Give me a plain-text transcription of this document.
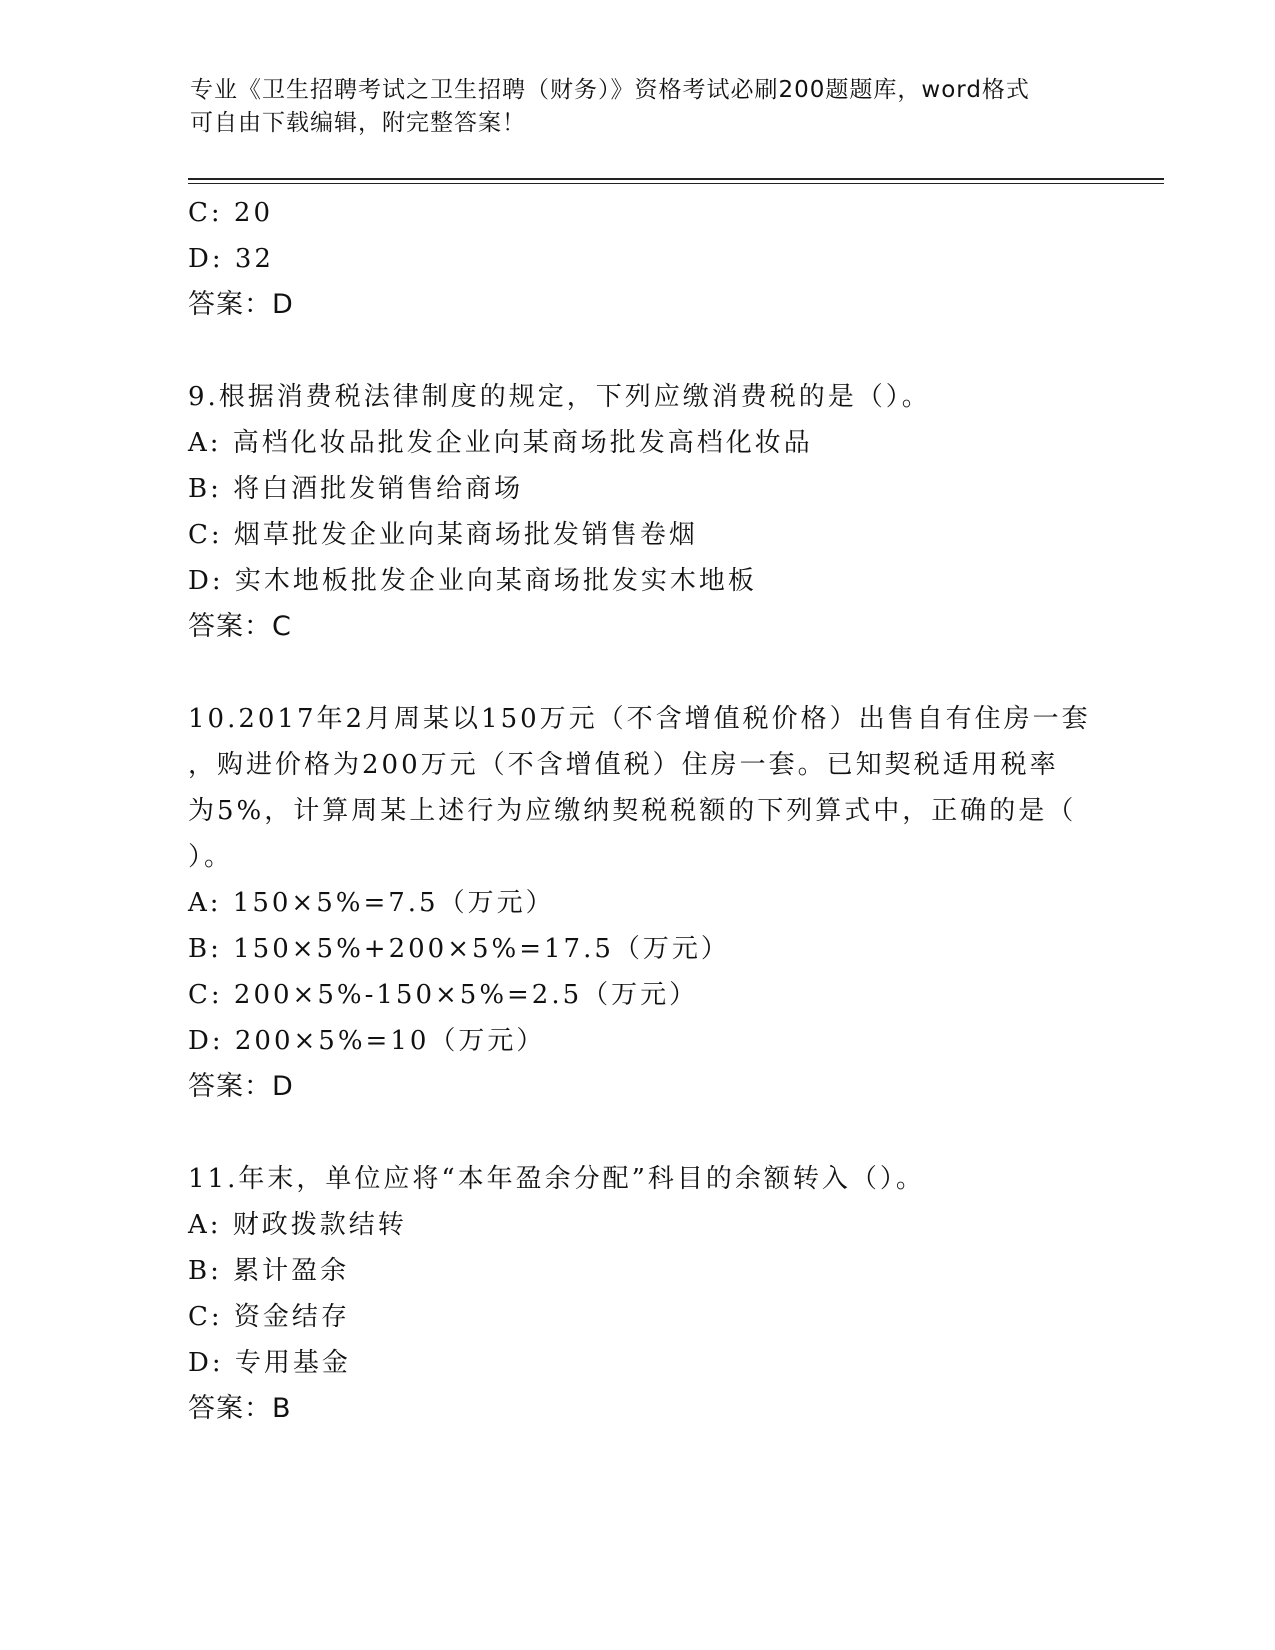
专业《卫生招聘考试之卫生招聘（财务）》资格考试必刷200题题库，word格式
可自由下载编辑，附完整答案！
C: 20
D: 32
答案：D
9.根据消费税法律制度的规定，下列应缴消费税的是（）。
A: 高档化妆品批发企业向某商场批发高档化妆品
B: 将白酒批发销售给商场
C: 烟草批发企业向某商场批发销售卷烟
D: 实木地板批发企业向某商场批发实木地板
答案：C
10.2017年2月周某以150万元（不含增值税价格）出售自有住房一套
，购进价格为200万元（不含增值税）住房一套。已知契税适用税率
为5%，计算周某上述行为应缴纳契税税额的下列算式中，正确的是（
）。
A: 150×5%=7.5（万元）
B: 150×5%+200×5%=17.5（万元）
C: 200×5%-150×5%=2.5（万元）
D: 200×5%=10（万元）
答案：D
11.年末，单位应将“本年盈余分配”科目的余额转入（）。
A: 财政拨款结转
B: 累计盈余
C: 资金结存
D: 专用基金
答案：B
